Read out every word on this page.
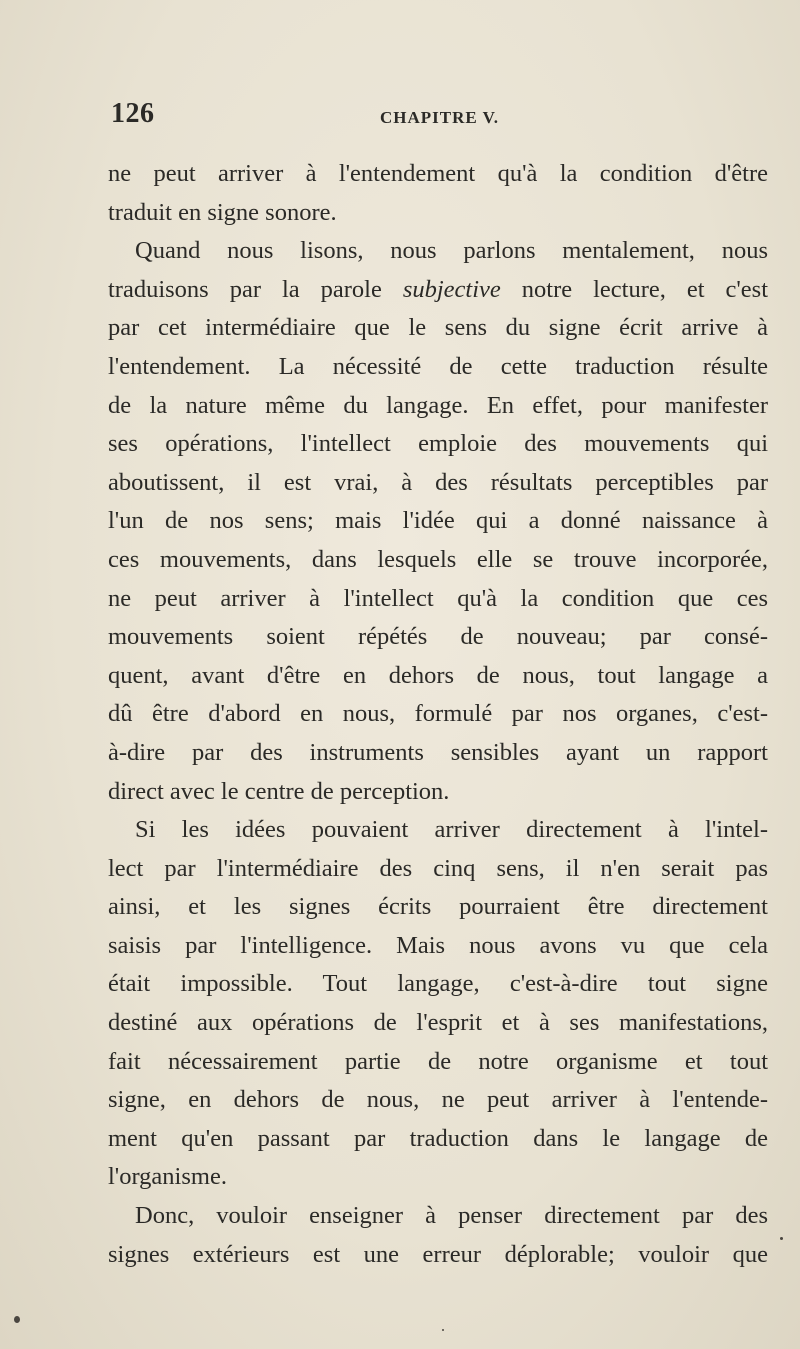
126	CHAPITRE V.
ne peut arriver à l'entendement qu'à la condition d'être
traduit en signe sonore.
Quand nous lisons, nous parlons mentalement, nous
traduisons par la parole subjective notre lecture, et c'est
par cet intermédiaire que le sens du signe écrit arrive à
l'entendement. La nécessité de cette traduction résulte
de la nature même du langage. En effet, pour manifester
ses opérations, l'intellect emploie des mouvements qui
aboutissent, il est vrai, à des résultats perceptibles par
l'un de nos sens; mais l'idée qui a donné naissance à
ces mouvements, dans lesquels elle se trouve incorporée,
ne peut arriver à l'intellect qu'à la condition que ces
mouvements soient répétés de nouveau; par consé-
quent, avant d'être en dehors de nous, tout langage a
dû être d'abord en nous, formulé par nos organes, c'est-
à-dire par des instruments sensibles ayant un rapport
direct avec le centre de perception.
Si les idées pouvaient arriver directement à l'intel-
lect par l'intermédiaire des cinq sens, il n'en serait pas
ainsi, et les signes écrits pourraient être directement
saisis par l'intelligence. Mais nous avons vu que cela
était impossible. Tout langage, c'est-à-dire tout signe
destiné aux opérations de l'esprit et à ses manifestations,
fait nécessairement partie de notre organisme et tout
signe, en dehors de nous, ne peut arriver à l'entende-
ment qu'en passant par traduction dans le langage de
l'organisme.
Donc, vouloir enseigner à penser directement par des
signes extérieurs est une erreur déplorable; vouloir que
